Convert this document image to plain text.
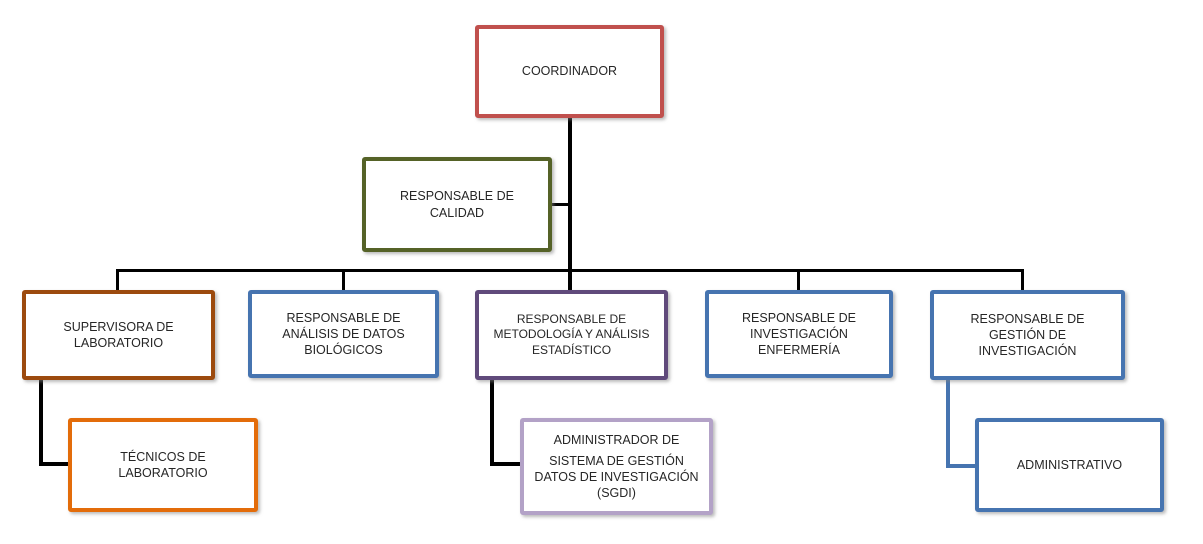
COORDINADOR
RESPONSABLE DE CALIDAD
SUPERVISORA DE LABORATORIO
RESPONSABLE DE ANÁLISIS DE DATOS BIOLÓGICOS
RESPONSABLE DE METODOLOGÍA Y ANÁLISIS ESTADÍSTICO
RESPONSABLE DE INVESTIGACIÓN ENFERMERÍA
RESPONSABLE DE GESTIÓN DE INVESTIGACIÓN
TÉCNICOS DE LABORATORIO
ADMINISTRADOR DE
SISTEMA DE GESTIÓN DATOS DE INVESTIGACIÓN (SGDI)
ADMINISTRATIVO
